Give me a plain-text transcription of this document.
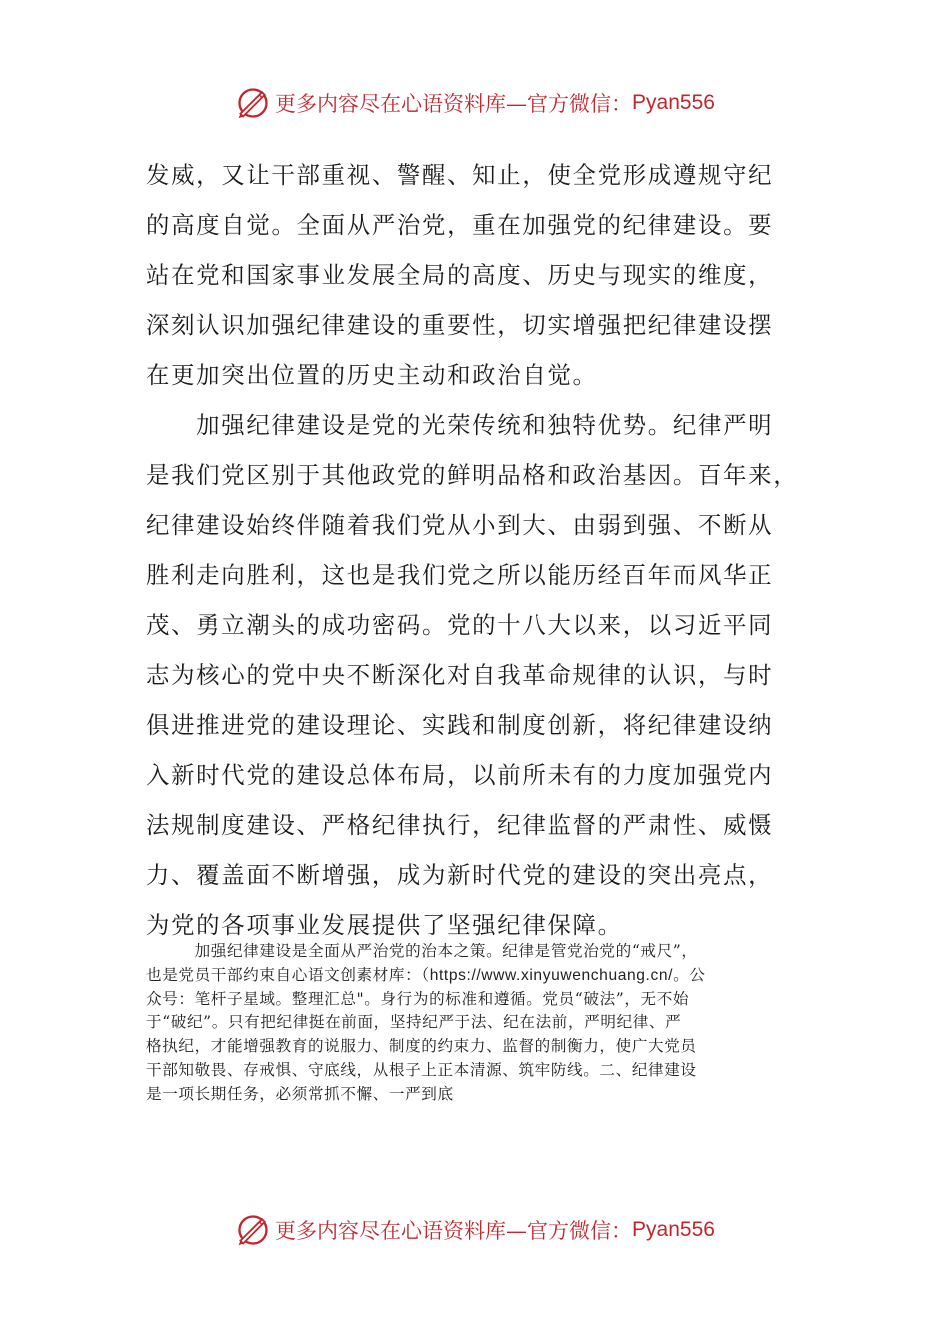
更多内容尽在心语资料库—官方微信： Pyan556
发威，又让干部重视、警醒、知止，使全党形成遵规守纪
的高度自觉。全面从严治党，重在加强党的纪律建设。要
站在党和国家事业发展全局的高度、历史与现实的维度，
深刻认识加强纪律建设的重要性，切实增强把纪律建设摆
在更加突出位置的历史主动和政治自觉。
　　加强纪律建设是党的光荣传统和独特优势。纪律严明
是我们党区别于其他政党的鲜明品格和政治基因。百年来，
纪律建设始终伴随着我们党从小到大、由弱到强、不断从
胜利走向胜利，这也是我们党之所以能历经百年而风华正
茂、勇立潮头的成功密码。党的十八大以来，以习近平同
志为核心的党中央不断深化对自我革命规律的认识，与时
俱进推进党的建设理论、实践和制度创新，将纪律建设纳
入新时代党的建设总体布局，以前所未有的力度加强党内
法规制度建设、严格纪律执行，纪律监督的严肃性、威慑
力、覆盖面不断增强，成为新时代党的建设的突出亮点，
为党的各项事业发展提供了坚强纪律保障。
　　　加强纪律建设是全面从严治党的治本之策。纪律是管党治党的“戒尺”，
也是党员干部约束自心语文创素材库：（https://www.xinyuwenchuang.cn/。公
众号：笔杆子星域。整理汇总"。身行为的标准和遵循。党员“破法”，无不始
于“破纪”。只有把纪律挺在前面，坚持纪严于法、纪在法前，严明纪律、严
格执纪，才能增强教育的说服力、制度的约束力、监督的制衡力，使广大党员
干部知敬畏、存戒惧、守底线，从根子上正本清源、筑牢防线。二、纪律建设
是一项长期任务，必须常抓不懈、一严到底
更多内容尽在心语资料库—官方微信： Pyan556
